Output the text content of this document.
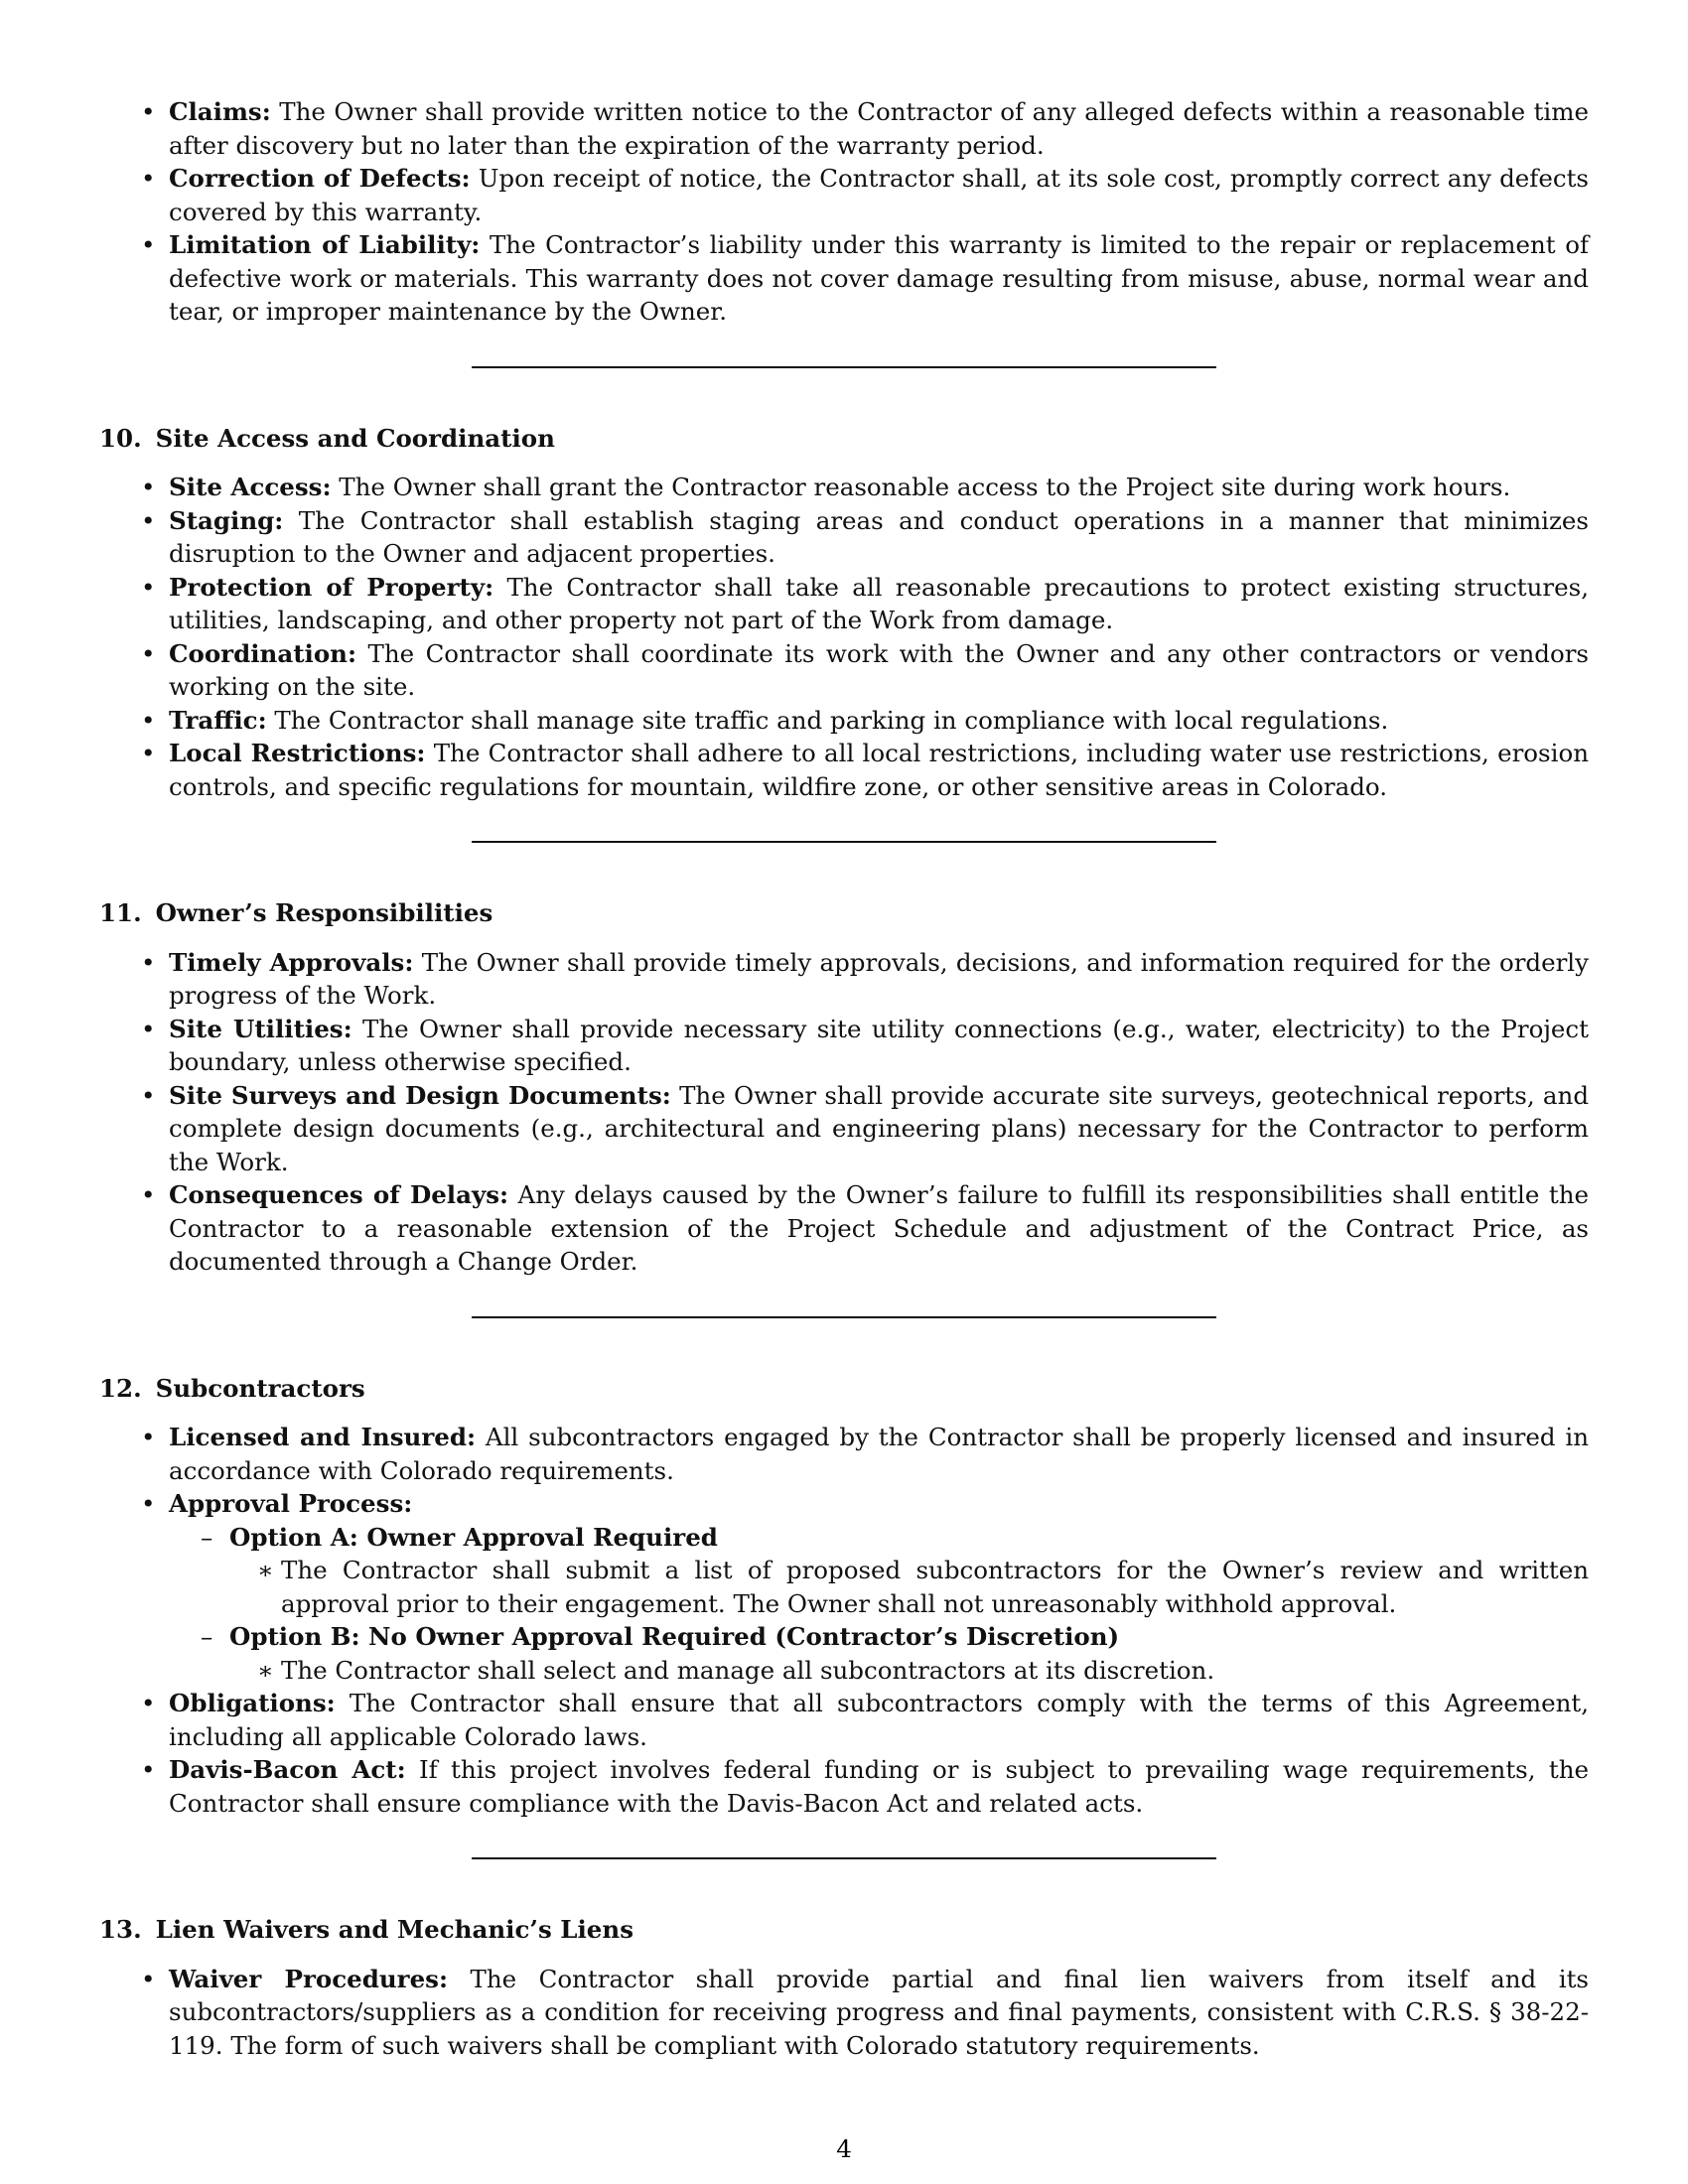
• Claims: The Owner shall provide written notice to the Contractor of any alleged defects within a reasonable time after discovery but no later than the expiration of the warranty period.
• Correction of Defects: Upon receipt of notice, the Contractor shall, at its sole cost, promptly correct any defects covered by this warranty.
• Limitation of Liability: The Contractor’s liability under this warranty is limited to the repair or replacement of defective work or materials. This warranty does not cover damage resulting from misuse, abuse, normal wear and tear, or improper maintenance by the Owner.
10. Site Access and Coordination
• Site Access: The Owner shall grant the Contractor reasonable access to the Project site during work hours.
• Staging: The Contractor shall establish staging areas and conduct operations in a manner that minimizes disruption to the Owner and adjacent properties.
• Protection of Property: The Contractor shall take all reasonable precautions to protect existing structures, utilities, landscaping, and other property not part of the Work from damage.
• Coordination: The Contractor shall coordinate its work with the Owner and any other contractors or vendors working on the site.
• Traffic: The Contractor shall manage site traffic and parking in compliance with local regulations.
• Local Restrictions: The Contractor shall adhere to all local restrictions, including water use restrictions, erosion controls, and specific regulations for mountain, wildfire zone, or other sensitive areas in Colorado.
11. Owner’s Responsibilities
• Timely Approvals: The Owner shall provide timely approvals, decisions, and information required for the orderly progress of the Work.
• Site Utilities: The Owner shall provide necessary site utility connections (e.g., water, electricity) to the Project boundary, unless otherwise specified.
• Site Surveys and Design Documents: The Owner shall provide accurate site surveys, geotechnical reports, and complete design documents (e.g., architectural and engineering plans) necessary for the Contractor to perform the Work.
• Consequences of Delays: Any delays caused by the Owner’s failure to fulfill its responsibilities shall entitle the Contractor to a reasonable extension of the Project Schedule and adjustment of the Contract Price, as documented through a Change Order.
12. Subcontractors
• Licensed and Insured: All subcontractors engaged by the Contractor shall be properly licensed and insured in accordance with Colorado requirements.
• Approval Process:
– Option A: Owner Approval Required
∗ The Contractor shall submit a list of proposed subcontractors for the Owner’s review and written approval prior to their engagement. The Owner shall not unreasonably withhold approval.
– Option B: No Owner Approval Required (Contractor’s Discretion)
∗ The Contractor shall select and manage all subcontractors at its discretion.
• Obligations: The Contractor shall ensure that all subcontractors comply with the terms of this Agreement, including all applicable Colorado laws.
• Davis-Bacon Act: If this project involves federal funding or is subject to prevailing wage requirements, the Contractor shall ensure compliance with the Davis-Bacon Act and related acts.
13. Lien Waivers and Mechanic’s Liens
• Waiver Procedures: The Contractor shall provide partial and final lien waivers from itself and its subcontractors/suppliers as a condition for receiving progress and final payments, consistent with C.R.S. § 38-22-119. The form of such waivers shall be compliant with Colorado statutory requirements.
4
